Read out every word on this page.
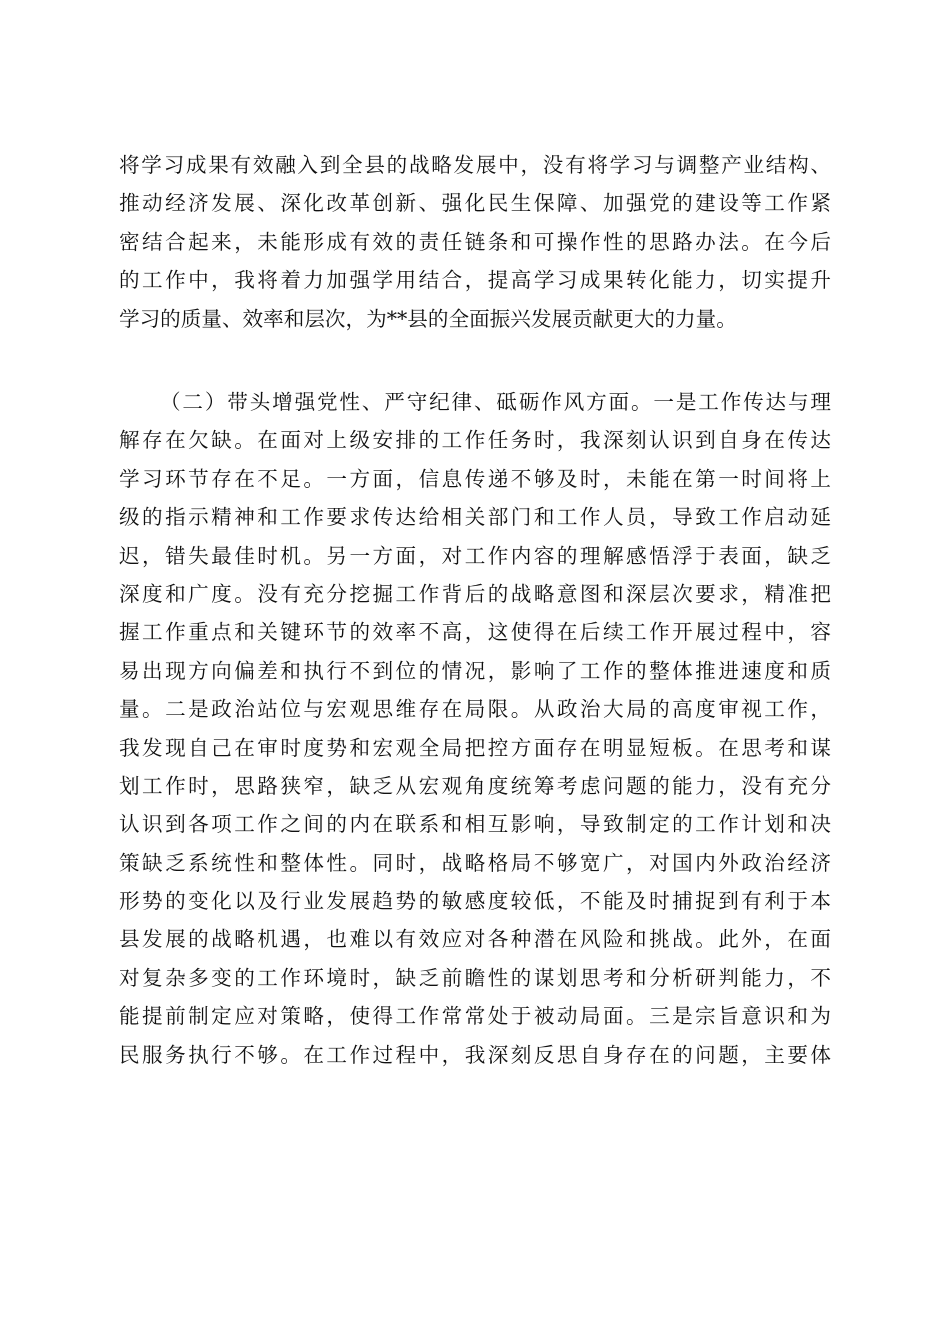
将学习成果有效融入到全县的战略发展中，没有将学习与调整产业结构、
推动经济发展、深化改革创新、强化民生保障、加强党的建设等工作紧
密结合起来，未能形成有效的责任链条和可操作性的思路办法。在今后
的工作中，我将着力加强学用结合，提高学习成果转化能力，切实提升
学习的质量、效率和层次，为**县的全面振兴发展贡献更大的力量。
（二）带头增强党性、严守纪律、砥砺作风方面。一是工作传达与理
解存在欠缺。在面对上级安排的工作任务时，我深刻认识到自身在传达
学习环节存在不足。一方面，信息传递不够及时，未能在第一时间将上
级的指示精神和工作要求传达给相关部门和工作人员，导致工作启动延
迟，错失最佳时机。另一方面，对工作内容的理解感悟浮于表面，缺乏
深度和广度。没有充分挖掘工作背后的战略意图和深层次要求，精准把
握工作重点和关键环节的效率不高，这使得在后续工作开展过程中，容
易出现方向偏差和执行不到位的情况，影响了工作的整体推进速度和质
量。二是政治站位与宏观思维存在局限。从政治大局的高度审视工作，
我发现自己在审时度势和宏观全局把控方面存在明显短板。在思考和谋
划工作时，思路狭窄，缺乏从宏观角度统筹考虑问题的能力，没有充分
认识到各项工作之间的内在联系和相互影响，导致制定的工作计划和决
策缺乏系统性和整体性。同时，战略格局不够宽广，对国内外政治经济
形势的变化以及行业发展趋势的敏感度较低，不能及时捕捉到有利于本
县发展的战略机遇，也难以有效应对各种潜在风险和挑战。此外，在面
对复杂多变的工作环境时，缺乏前瞻性的谋划思考和分析研判能力，不
能提前制定应对策略，使得工作常常处于被动局面。三是宗旨意识和为
民服务执行不够。在工作过程中，我深刻反思自身存在的问题，主要体
